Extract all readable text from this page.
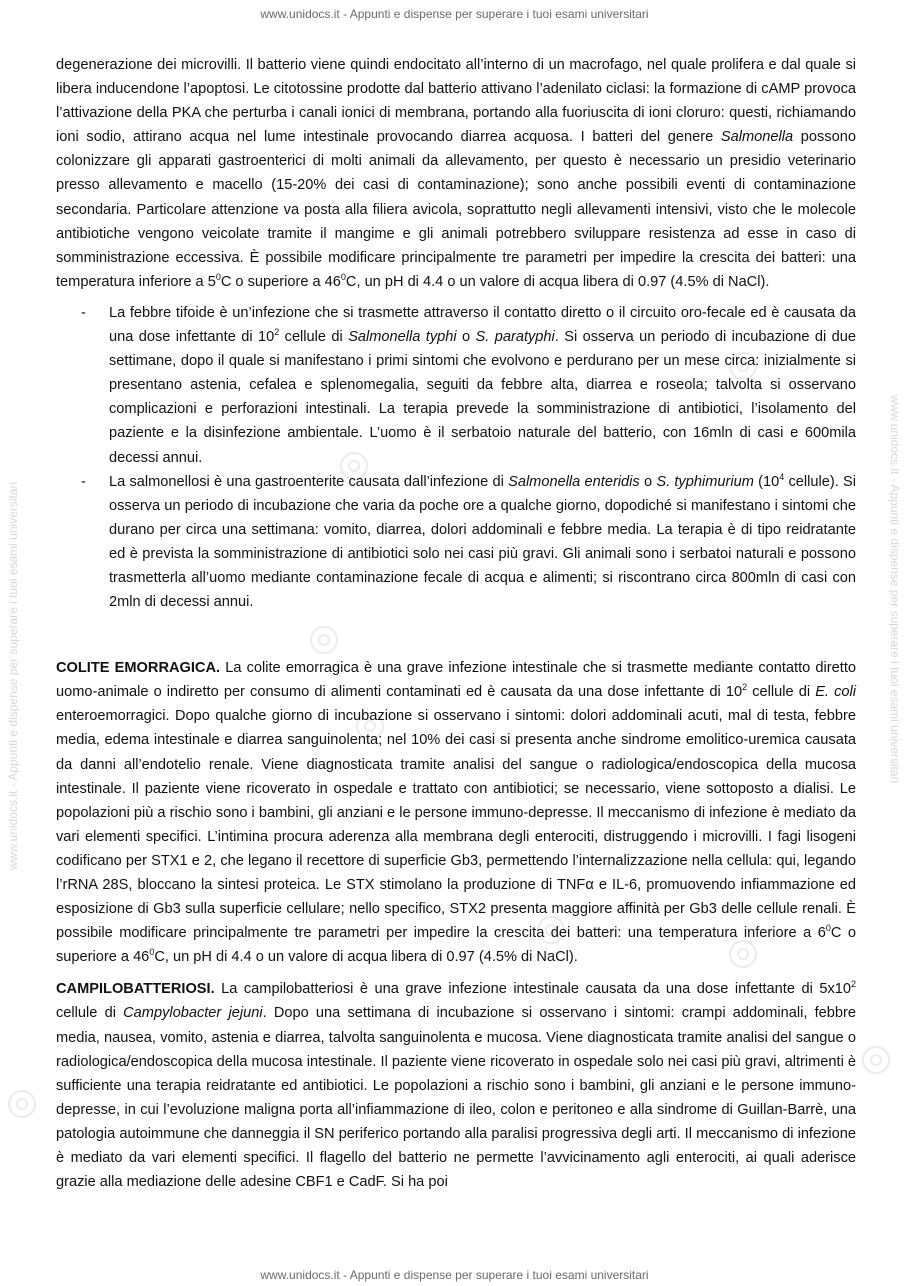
www.unidocs.it - Appunti e dispense per superare i tuoi esami universitari
www.unidocs.it - Appunti e dispense per superare i tuoi esami universitari	www.unidocs.it - Appunti e dispense per superare i tuoi esami universitari

degenerazione dei microvilli. Il batterio viene quindi endocitato all’interno di un macrofago, nel quale prolifera e dal quale si libera inducendone l’apoptosi. Le citotossine prodotte dal batterio attivano l’adenilato ciclasi: la formazione di cAMP provoca l’attivazione della PKA che perturba i canali ionici di membrana, portando alla fuoriuscita di ioni cloruro: questi, richiamando ioni sodio, attirano acqua nel lume intestinale provocando diarrea acquosa. I batteri del genere Salmonella possono colonizzare gli apparati gastroenterici di molti animali da allevamento, per questo è necessario un presidio veterinario presso allevamento e macello (15-20% dei casi di contaminazione); sono anche possibili eventi di contaminazione secondaria. Particolare attenzione va posta alla filiera avicola, soprattutto negli allevamenti intensivi, visto che le molecole antibiotiche vengono veicolate tramite il mangime e gli animali potrebbero sviluppare resistenza ad esse in caso di somministrazione eccessiva. È possibile modificare principalmente tre parametri per impedire la crescita dei batteri: una temperatura inferiore a $5^0C$ o superiore a $46^0C$, un pH di 4.4 o un valore di acqua libera di 0.97 (4.5% di NaCl).

- La febbre tifoide è un’infezione che si trasmette attraverso il contatto diretto o il circuito oro-fecale ed è causata da una dose infettante di $10^2$ cellule di Salmonella typhi o S. paratyphi. Si osserva un periodo di incubazione di due settimane, dopo il quale si manifestano i primi sintomi che evolvono e perdurano per un mese circa: inizialmente si presentano astenia, cefalea e splenomegalia, seguiti da febbre alta, diarrea e roseola; talvolta si osservano complicazioni e perforazioni intestinali. La terapia prevede la somministrazione di antibiotici, l’isolamento del paziente e la disinfezione ambientale. L’uomo è il serbatoio naturale del batterio, con 16mln di casi e 600mila decessi annui.
- La salmonellosi è una gastroenterite causata dall’infezione di Salmonella enteridis o S. typhimurium ($10^4$ cellule). Si osserva un periodo di incubazione che varia da poche ore a qualche giorno, dopodiché si manifestano i sintomi che durano per circa una settimana: vomito, diarrea, dolori addominali e febbre media. La terapia è di tipo reidratante ed è prevista la somministrazione di antibiotici solo nei casi più gravi. Gli animali sono i serbatoi naturali e possono trasmetterla all’uomo mediante contaminazione fecale di acqua e alimenti; si riscontrano circa 800mln di casi con 2mln di decessi annui.

COLITE EMORRAGICA. La colite emorragica è una grave infezione intestinale che si trasmette mediante contatto diretto uomo-animale o indiretto per consumo di alimenti contaminati ed è causata da una dose infettante di $10^2$ cellule di E. coli enteroemorragici. Dopo qualche giorno di incubazione si osservano i sintomi: dolori addominali acuti, mal di testa, febbre media, edema intestinale e diarrea sanguinolenta; nel 10% dei casi si presenta anche sindrome emolitico-uremica causata da danni all’endotelio renale. Viene diagnosticata tramite analisi del sangue o radiologica/endoscopica della mucosa intestinale. Il paziente viene ricoverato in ospedale e trattato con antibiotici; se necessario, viene sottoposto a dialisi. Le popolazioni più a rischio sono i bambini, gli anziani e le persone immuno-depresse. Il meccanismo di infezione è mediato da vari elementi specifici. L’intimina procura aderenza alla membrana degli enterociti, distruggendo i microvilli. I fagi lisogeni codificano per STX1 e 2, che legano il recettore di superficie Gb3, permettendo l’internalizzazione nella cellula: qui, legando l’rRNA 28S, bloccano la sintesi proteica. Le STX stimolano la produzione di TNFα e IL-6, promuovendo infiammazione ed esposizione di Gb3 sulla superficie cellulare; nello specifico, STX2 presenta maggiore affinità per Gb3 delle cellule renali. È possibile modificare principalmente tre parametri per impedire la crescita dei batteri: una temperatura inferiore a $6^0C$ o superiore a $46^0C$, un pH di 4.4 o un valore di acqua libera di 0.97 (4.5% di NaCl).

CAMPILOBATTERIOSI. La campilobatteriosi è una grave infezione intestinale causata da una dose infettante di $5x10^2$ cellule di Campylobacter jejuni. Dopo una settimana di incubazione si osservano i sintomi: crampi addominali, febbre media, nausea, vomito, astenia e diarrea, talvolta sanguinolenta e mucosa. Viene diagnosticata tramite analisi del sangue o radiologica/endoscopica della mucosa intestinale. Il paziente viene ricoverato in ospedale solo nei casi più gravi, altrimenti è sufficiente una terapia reidratante ed antibiotici. Le popolazioni a rischio sono i bambini, gli anziani e le persone immuno-depresse, in cui l’evoluzione maligna porta all’infiammazione di ileo, colon e peritoneo e alla sindrome di Guillan-Barrè, una patologia autoimmune che danneggia il SN periferico portando alla paralisi progressiva degli arti. Il meccanismo di infezione è mediato da vari elementi specifici. Il flagello del batterio ne permette l’avvicinamento agli enterociti, ai quali aderisce grazie alla mediazione delle adesine CBF1 e CadF. Si ha poi

www.unidocs.it - Appunti e dispense per superare i tuoi esami universitari
